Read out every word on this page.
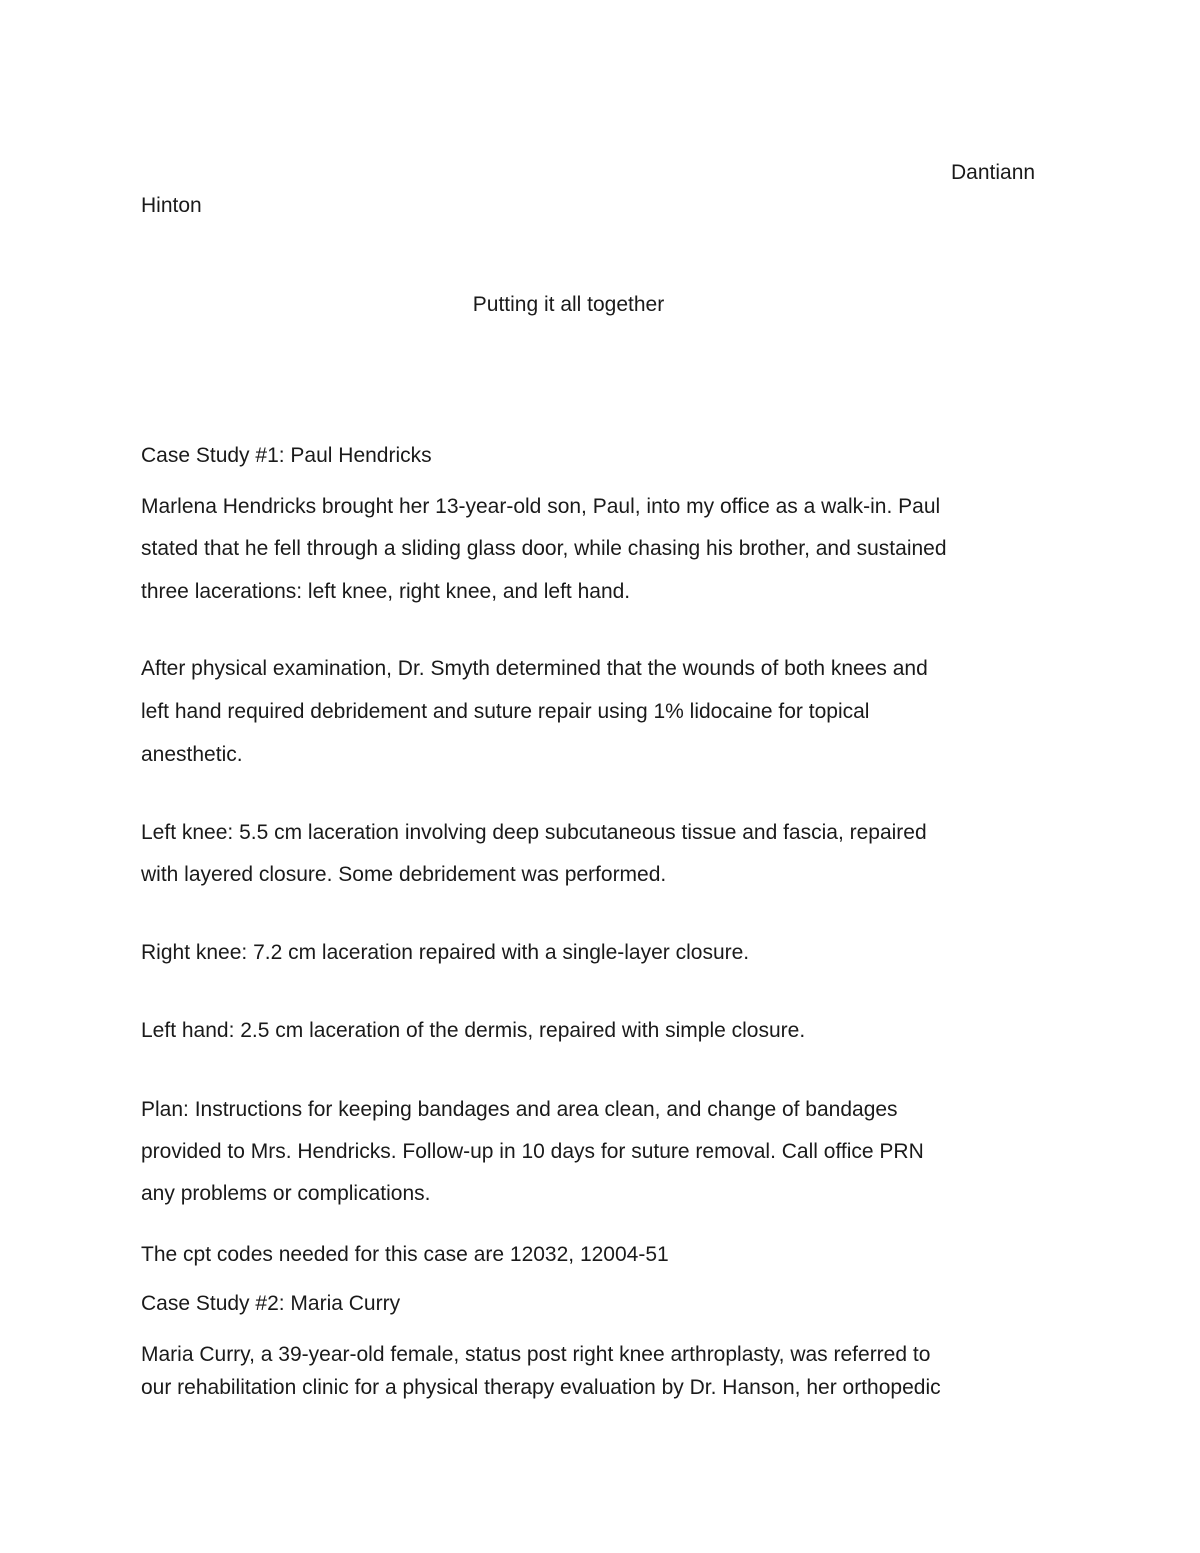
Dantiann

Hinton

Putting it all together

Case Study #1: Paul Hendricks

Marlena Hendricks brought her 13-year-old son, Paul, into my office as a walk-in. Paul

stated that he fell through a sliding glass door, while chasing his brother, and sustained

three lacerations: left knee, right knee, and left hand.

After physical examination, Dr. Smyth determined that the wounds of both knees and

left hand required debridement and suture repair using 1% lidocaine for topical

anesthetic.

Left knee: 5.5 cm laceration involving deep subcutaneous tissue and fascia, repaired

with layered closure. Some debridement was performed.

Right knee: 7.2 cm laceration repaired with a single-layer closure.

Left hand: 2.5 cm laceration of the dermis, repaired with simple closure.

Plan: Instructions for keeping bandages and area clean, and change of bandages

provided to Mrs. Hendricks. Follow-up in 10 days for suture removal. Call office PRN

any problems or complications.

The cpt codes needed for this case are 12032, 12004-51

Case Study #2: Maria Curry

Maria Curry, a 39-year-old female, status post right knee arthroplasty, was referred to

our rehabilitation clinic for a physical therapy evaluation by Dr. Hanson, her orthopedic
